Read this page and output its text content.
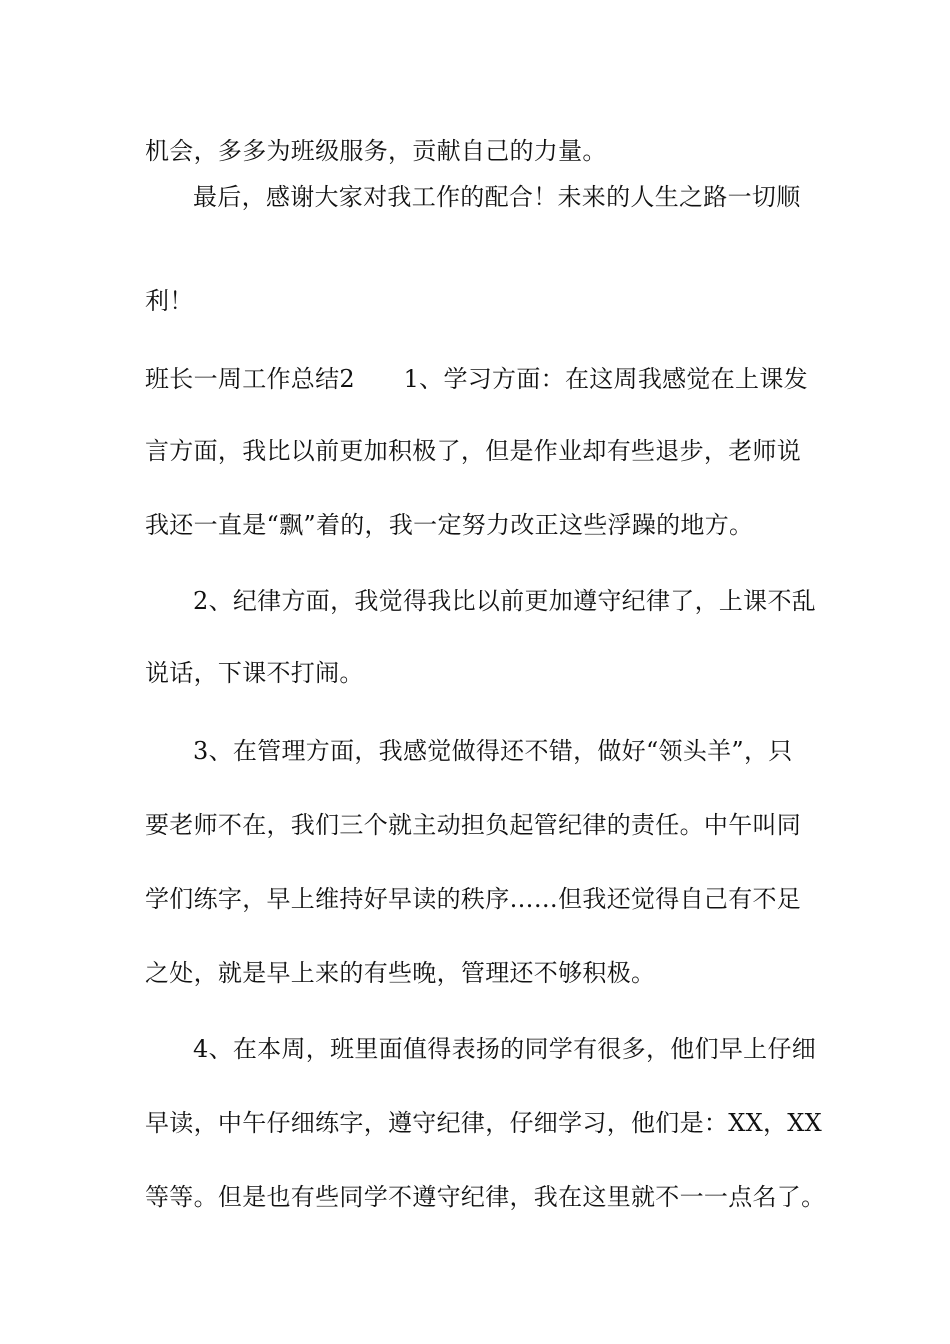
机会，多多为班级服务，贡献自己的力量。
最后，感谢大家对我工作的配合！未来的人生之路一切顺
利！
班长一周工作总结2　　1、学习方面：在这周我感觉在上课发
言方面，我比以前更加积极了，但是作业却有些退步，老师说
我还一直是“飘”着的，我一定努力改正这些浮躁的地方。
2、纪律方面，我觉得我比以前更加遵守纪律了，上课不乱
说话，下课不打闹。
3、在管理方面，我感觉做得还不错，做好“领头羊”，只
要老师不在，我们三个就主动担负起管纪律的责任。中午叫同
学们练字，早上维持好早读的秩序……但我还觉得自己有不足
之处，就是早上来的有些晚，管理还不够积极。
4、在本周，班里面值得表扬的同学有很多，他们早上仔细
早读，中午仔细练字，遵守纪律，仔细学习，他们是：XX，XX
等等。但是也有些同学不遵守纪律，我在这里就不一一点名了。
